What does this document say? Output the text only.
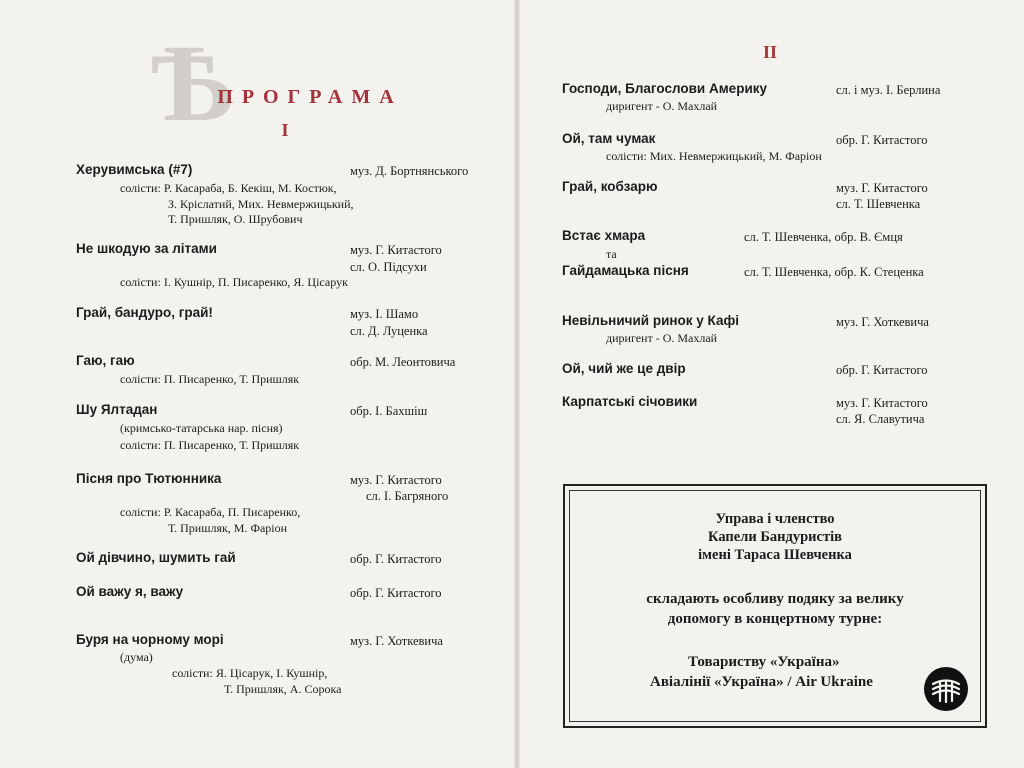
Ѣ
ПРОГРАМА
І
Херувимська (#7)	муз. Д. Бортнянського
солісти: Р. Касараба, Б. Кекіш, М. Костюк,
З. Кріслатий, Мих. Невмержицький,
Т. Пришляк, О. Шрубович
Не шкодую за літами	муз. Г. Китастого
сл. О. Підсухи
солісти: І. Кушнір, П. Писаренко, Я. Цісарук
Грай, бандуро, грай!	муз. І. Шамо
сл. Д. Луценка
Гаю, гаю	обр. М. Леонтовича
солісти: П. Писаренко, Т. Пришляк
Шу Ялтадан	обр. І. Бахшіш
(кримсько-татарська нар. пісня)
солісти: П. Писаренко, Т. Пришляк
Пісня про Тютюнника	муз. Г. Китастого
сл. І. Багряного
солісти: Р. Касараба, П. Писаренко,
Т. Пришляк, М. Фаріон
Ой дівчино, шумить гай	обр. Г. Китастого
Ой важу я, важу	обр. Г. Китастого
Буря на чорному морі	муз. Г. Хоткевича
(дума)
солісти: Я. Цісарук, І. Кушнір,
Т. Пришляк, А. Сорока
ІІ
Господи, Благослови Америку	сл. і муз. І. Берлина
диригент - О. Махлай
Ой, там чумак	обр. Г. Китастого
солісти: Мих. Невмержицький, М. Фаріон
Грай, кобзарю	муз. Г. Китастого
сл. Т. Шевченка
Встає хмара	сл. Т. Шевченка, обр. В. Ємця
та
Гайдамацька пісня	сл. Т. Шевченка, обр. К. Стеценка
Невільничий ринок у Кафі	муз. Г. Хоткевича
диригент - О. Махлай
Ой, чий же це двір	обр. Г. Китастого
Карпатські січовики	муз. Г. Китастого
сл. Я. Славутича
Управа і членство
Капели Бандуристів
імені Тараса Шевченка
складають особливу подяку за велику
допомогу в концертному турне:
Товариству «Україна»
Авіалінії «Україна» / Air Ukraine
